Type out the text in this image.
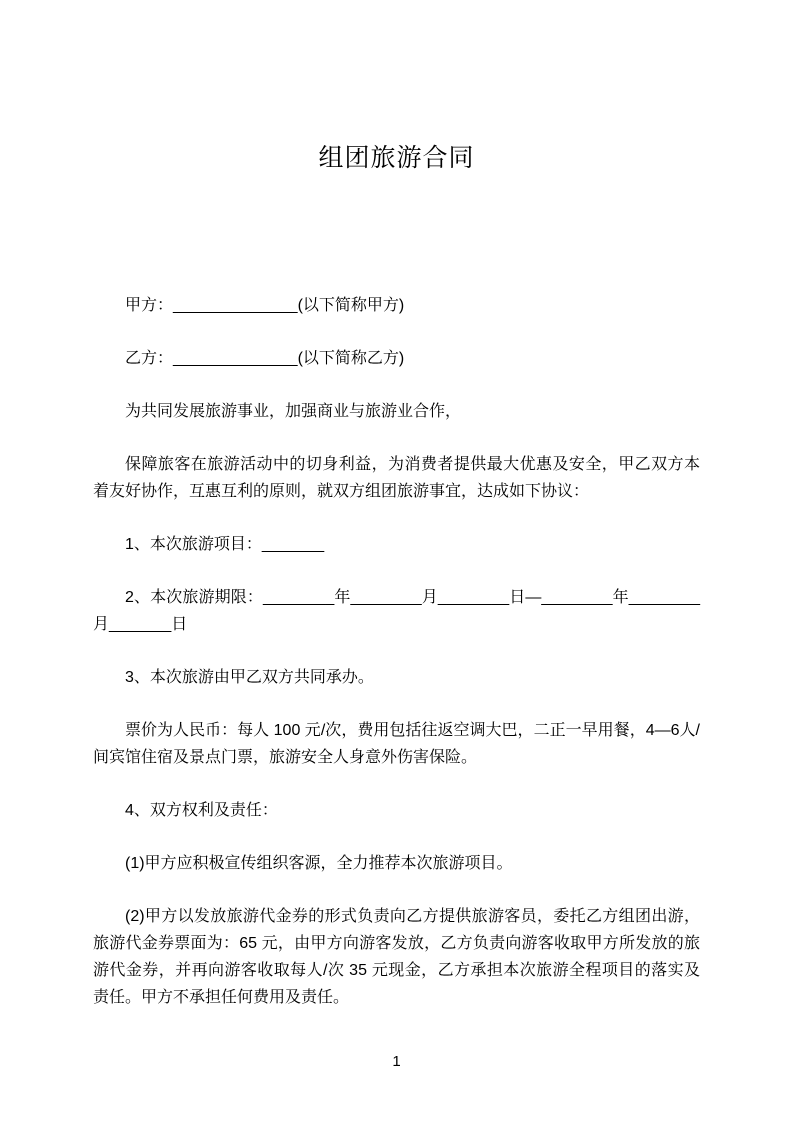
组团旅游合同

甲方：______________(以下简称甲方)

乙方：______________(以下简称乙方)

为共同发展旅游事业，加强商业与旅游业合作，

保障旅客在旅游活动中的切身利益，为消费者提供最大优惠及安全，甲乙双方本着友好协作，互惠互利的原则，就双方组团旅游事宜，达成如下协议：

1、本次旅游项目：_______

2、本次旅游期限：________年________月________日—________年________月_______日

3、本次旅游由甲乙双方共同承办。

票价为人民币：每人 100 元/次，费用包括往返空调大巴，二正一早用餐，4—6人/间宾馆住宿及景点门票，旅游安全人身意外伤害保险。

4、双方权利及责任：

(1)甲方应积极宣传组织客源，全力推荐本次旅游项目。

(2)甲方以发放旅游代金券的形式负责向乙方提供旅游客员，委托乙方组团出游，旅游代金券票面为：65 元，由甲方向游客发放，乙方负责向游客收取甲方所发放的旅游代金券，并再向游客收取每人/次 35 元现金，乙方承担本次旅游全程项目的落实及责任。甲方不承担任何费用及责任。

1
